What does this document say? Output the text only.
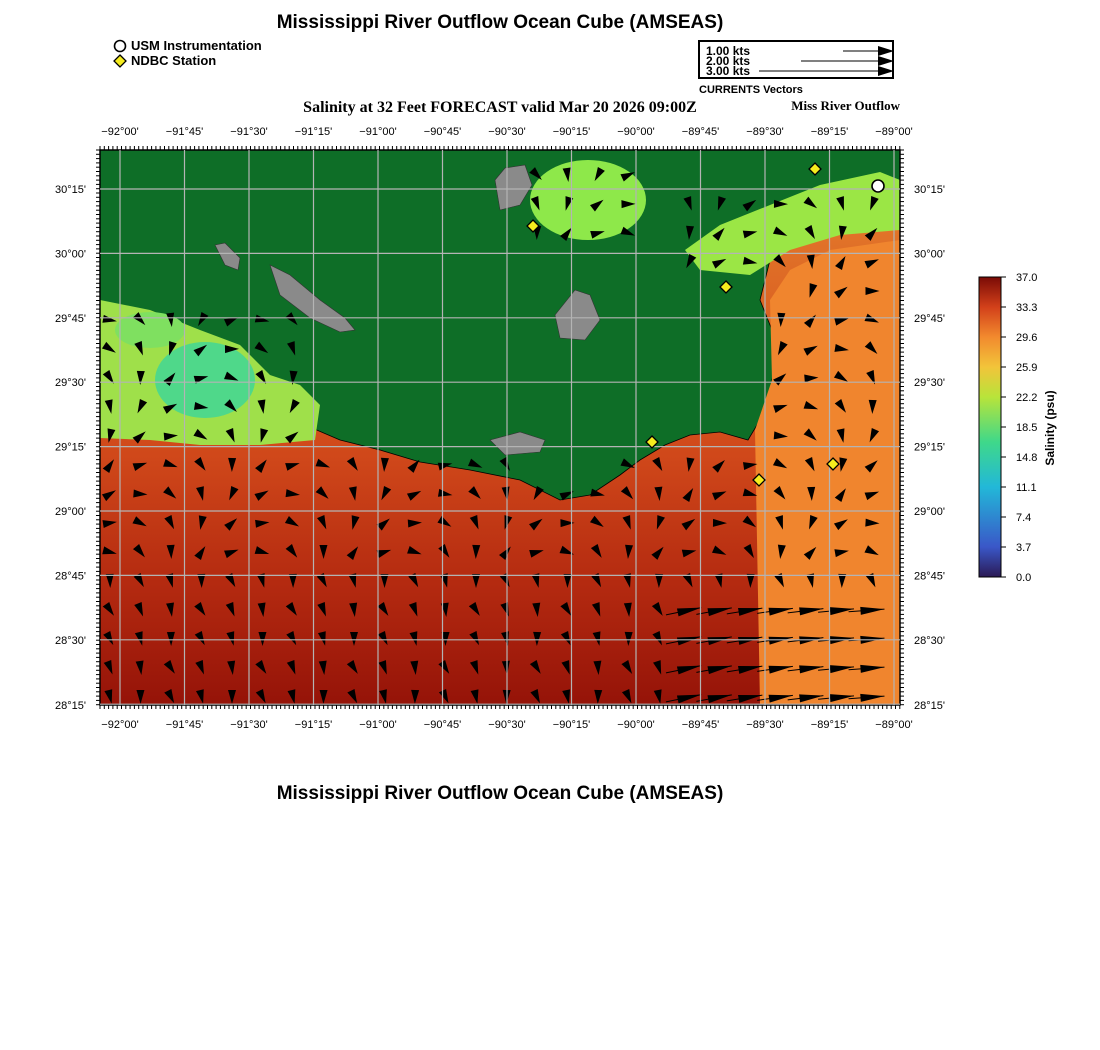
Mississippi River Outflow Ocean Cube (AMSEAS)
Mississippi River Outflow Ocean Cube (AMSEAS)
USM Instrumentation
NDBC Station
1.00 kts
2.00 kts
3.00 kts
CURRENTS Vectors
Salinity at 32 Feet FORECAST valid Mar 20 2026 09:00Z	Miss River Outflow
−92°00' −91°45' −91°30' −91°15' −91°00' −90°45' −90°30' −90°15' −90°00' −89°45' −89°30' −89°15' −89°00'
−92°00' −91°45' −91°30' −91°15' −91°00' −90°45' −90°30' −90°15' −90°00' −89°45' −89°30' −89°15' −89°00'
30°15'
30°00'
29°45'
29°30'
29°15'
29°00'
28°45'
28°30'
28°15'
30°15'
30°00'
29°45'
29°30'
29°15'
29°00'
28°45'
28°30'
28°15'
37.0
33.3
29.6
25.9
22.2
18.5
14.8
11.1
7.4
3.7
0.0
Salinity (psu)
